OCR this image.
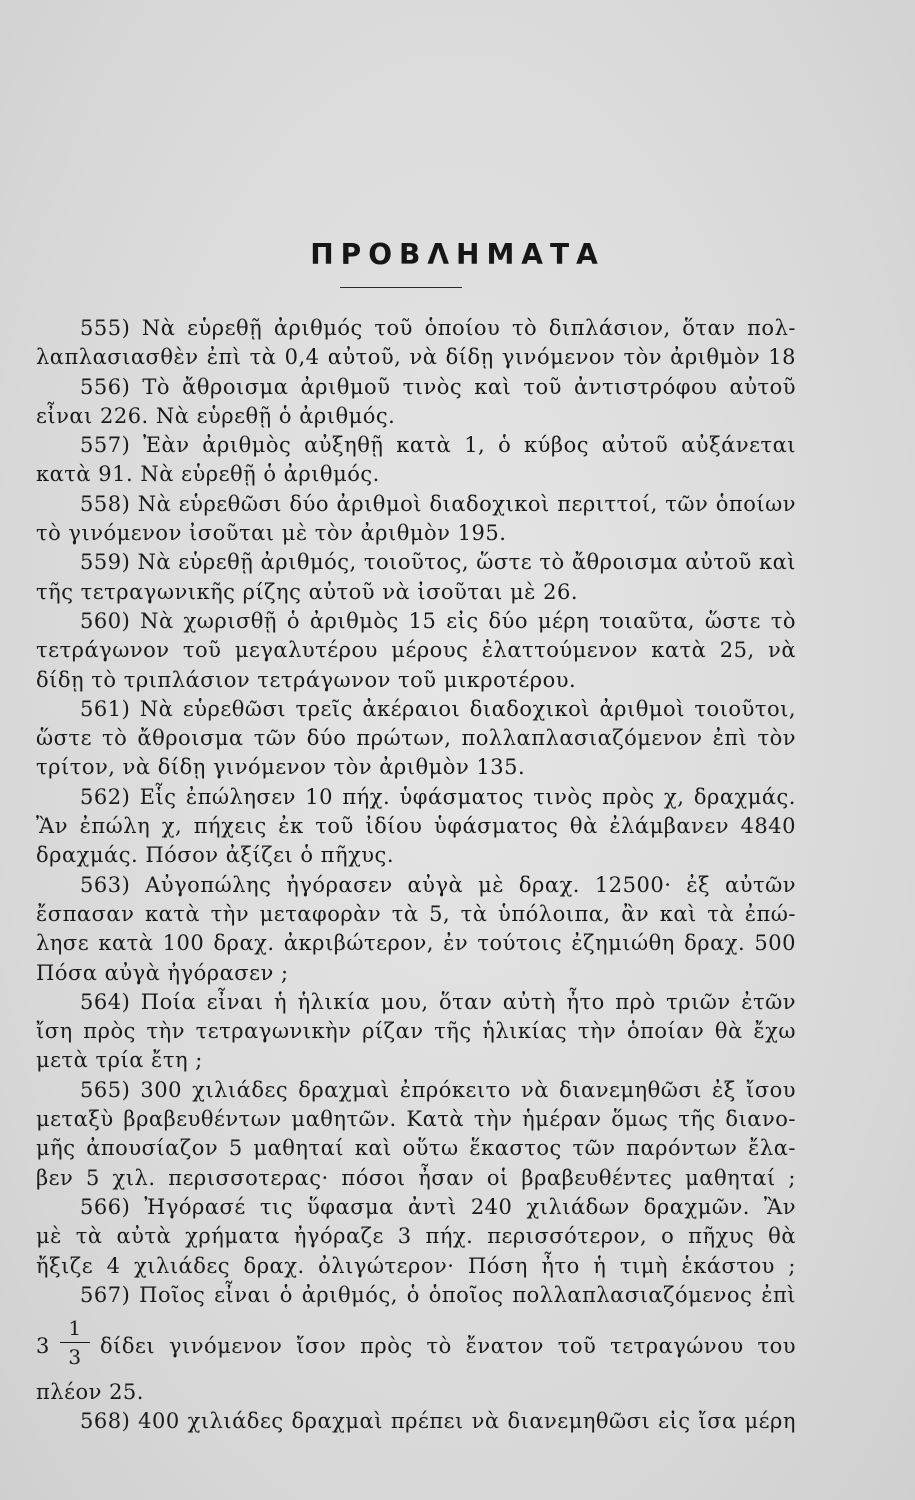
ΠΡΟΒΛΗΜΑΤΑ
555) Νὰ εὑρεθῇ ἀριθμός τοῦ ὁποίου τὸ διπλάσιον, ὅταν πολ-
λαπλασιασθὲν ἐπὶ τὰ 0,4 αὐτοῦ, νὰ δίδῃ γινόμενον τὸν ἀριθμὸν 18
556) Τὸ ἄθροισμα ἀριθμοῦ τινὸς καὶ τοῦ ἀντιστρόφου αὐτοῦ
εἶναι 226. Νὰ εὑρεθῇ ὁ ἀριθμός.
557) Ἐὰν ἀριθμὸς αὐξηθῇ κατὰ 1, ὁ κύβος αὐτοῦ αὐξάνεται
κατὰ 91. Νὰ εὑρεθῇ ὁ ἀριθμός.
558) Νὰ εὑρεθῶσι δύο ἀριθμοὶ διαδοχικοὶ περιττοί, τῶν ὁποίων
τὸ γινόμενον ἰσοῦται μὲ τὸν ἀριθμὸν 195.
559) Νὰ εὑρεθῇ ἀριθμός, τοιοῦτος, ὥστε τὸ ἄθροισμα αὐτοῦ καὶ
τῆς τετραγωνικῆς ρίζης αὐτοῦ νὰ ἰσοῦται μὲ 26.
560) Νὰ χωρισθῇ ὁ ἀριθμὸς 15 εἰς δύο μέρη τοιαῦτα, ὥστε τὸ
τετράγωνον τοῦ μεγαλυτέρου μέρους ἐλαττούμενον κατὰ 25, νὰ
δίδῃ τὸ τριπλάσιον τετράγωνον τοῦ μικροτέρου.
561) Νὰ εὑρεθῶσι τρεῖς ἀκέραιοι διαδοχικοὶ ἀριθμοὶ τοιοῦτοι,
ὥστε τὸ ἄθροισμα τῶν δύο πρώτων, πολλαπλασιαζόμενον ἐπὶ τὸν
τρίτον, νὰ δίδῃ γινόμενον τὸν ἀριθμὸν 135.
562) Εἷς ἐπώλησεν 10 πήχ. ὑφάσματος τινὸς πρὸς χ, δραχμάς.
Ἂν ἐπώλη χ, πήχεις ἐκ τοῦ ἰδίου ὑφάσματος θὰ ἐλάμβανεν 4840
δραχμάς. Πόσον ἀξίζει ὁ πῆχυς.
563) Αὐγοπώλης ἠγόρασεν αὐγὰ μὲ δραχ. 12500· ἐξ αὐτῶν
ἔσπασαν κατὰ τὴν μεταφορὰν τὰ 5, τὰ ὑπόλοιπα, ἂν καὶ τὰ ἐπώ-
λησε κατὰ 100 δραχ. ἀκριβώτερον, ἐν τούτοις ἐζημιώθη δραχ. 500
Πόσα αὐγὰ ἠγόρασεν ;
564) Ποία εἶναι ἡ ἡλικία μου, ὅταν αὐτὴ ἦτο πρὸ τριῶν ἐτῶν
ἴση πρὸς τὴν τετραγωνικὴν ρίζαν τῆς ἡλικίας τὴν ὁποίαν θὰ ἔχω
μετὰ τρία ἔτη ;
565) 300 χιλιάδες δραχμαὶ ἐπρόκειτο νὰ διανεμηθῶσι ἐξ ἴσου
μεταξὺ βραβευθέντων μαθητῶν. Κατὰ τὴν ἡμέραν ὅμως τῆς διανο-
μῆς ἀπουσίαζον 5 μαθηταί καὶ οὕτω ἕκαστος τῶν παρόντων ἔλα-
βεν 5 χιλ. περισσοτερας· πόσοι ἦσαν οἱ βραβευθέντες μαθηταί ;
566) Ἠγόρασέ τις ὕφασμα ἀντὶ 240 χιλιάδων δραχμῶν. Ἂν
μὲ τὰ αὐτὰ χρήματα ἠγόραζε 3 πήχ. περισσότερον, ο πῆχυς θὰ
ἤξιζε 4 χιλιάδες δραχ. ὀλιγώτερον· Πόση ἦτο ἡ τιμὴ ἑκάστου ;
567) Ποῖος εἶναι ὁ ἀριθμός, ὁ ὁποῖος πολλαπλασιαζόμενος ἐπὶ
3
1
3 δίδει γινόμενον ἴσον πρὸς τὸ ἔνατον τοῦ τετραγώνου του
πλέον 25.
568) 400 χιλιάδες δραχμαὶ πρέπει νὰ διανεμηθῶσι εἰς ἴσα μέρη
